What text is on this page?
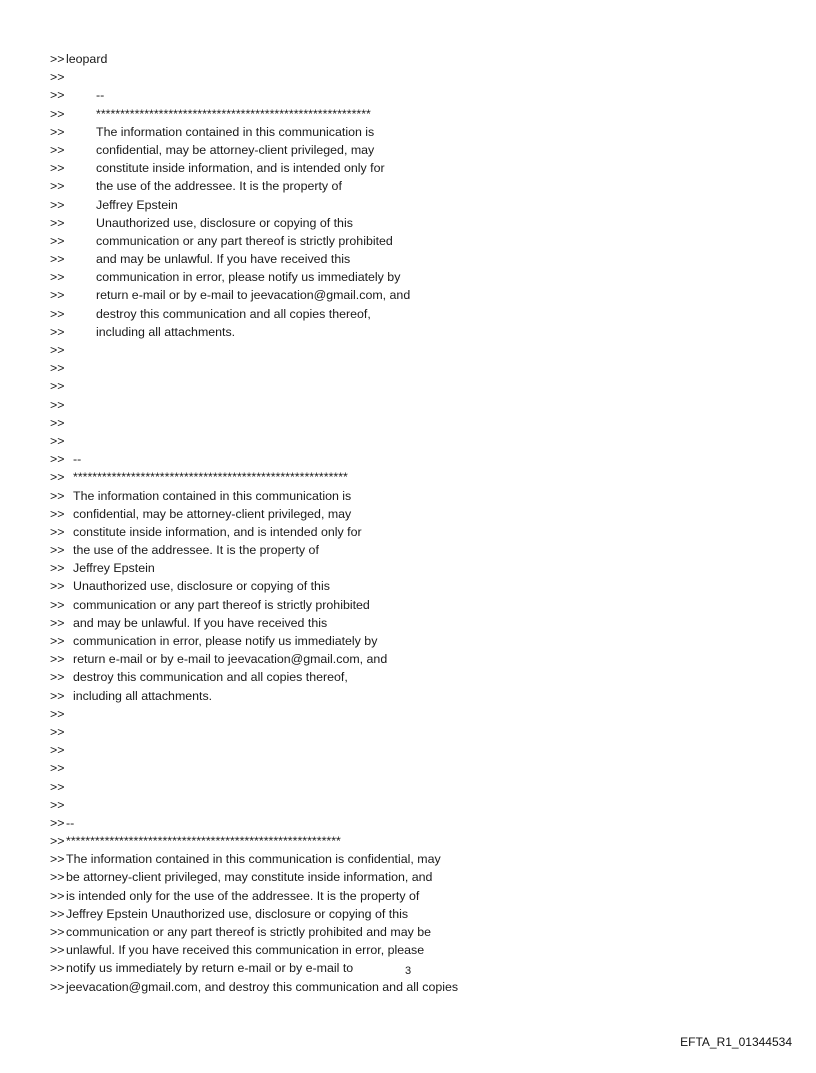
>> leopard
>>
>>	--
>>	*********************************************************
>>	The information contained in this communication is
>>	confidential, may be attorney-client privileged, may
>>	constitute inside information, and is intended only for
>>	the use of the addressee. It is the property of
>>	Jeffrey Epstein
>>	Unauthorized use, disclosure or copying of this
>>	communication or any part thereof is strictly prohibited
>>	and may be unlawful. If you have received this
>>	communication in error, please notify us immediately by
>>	return e-mail or by e-mail to jeevacation@gmail.com, and
>>	destroy this communication and all copies thereof,
>>	including all attachments.
>>
>>
>>
>>
>>
>>
>> --
>> *********************************************************
>> The information contained in this communication is
>> confidential, may be attorney-client privileged, may
>> constitute inside information, and is intended only for
>> the use of the addressee. It is the property of
>> Jeffrey Epstein
>> Unauthorized use, disclosure or copying of this
>> communication or any part thereof is strictly prohibited
>> and may be unlawful. If you have received this
>> communication in error, please notify us immediately by
>> return e-mail or by e-mail to jeevacation@gmail.com, and
>> destroy this communication and all copies thereof,
>> including all attachments.
>>
>>
>>
>>
>>
>>
>> --
>> *********************************************************
>> The information contained in this communication is confidential, may
>> be attorney-client privileged, may constitute inside information, and
>> is intended only for the use of the addressee. It is the property of
>> Jeffrey Epstein Unauthorized use, disclosure or copying of this
>> communication or any part thereof is strictly prohibited and may be
>> unlawful. If you have received this communication in error, please
>> notify us immediately by return e-mail or by e-mail to
>> jeevacation@gmail.com, and destroy this communication and all copies
3
EFTA_R1_01344534
